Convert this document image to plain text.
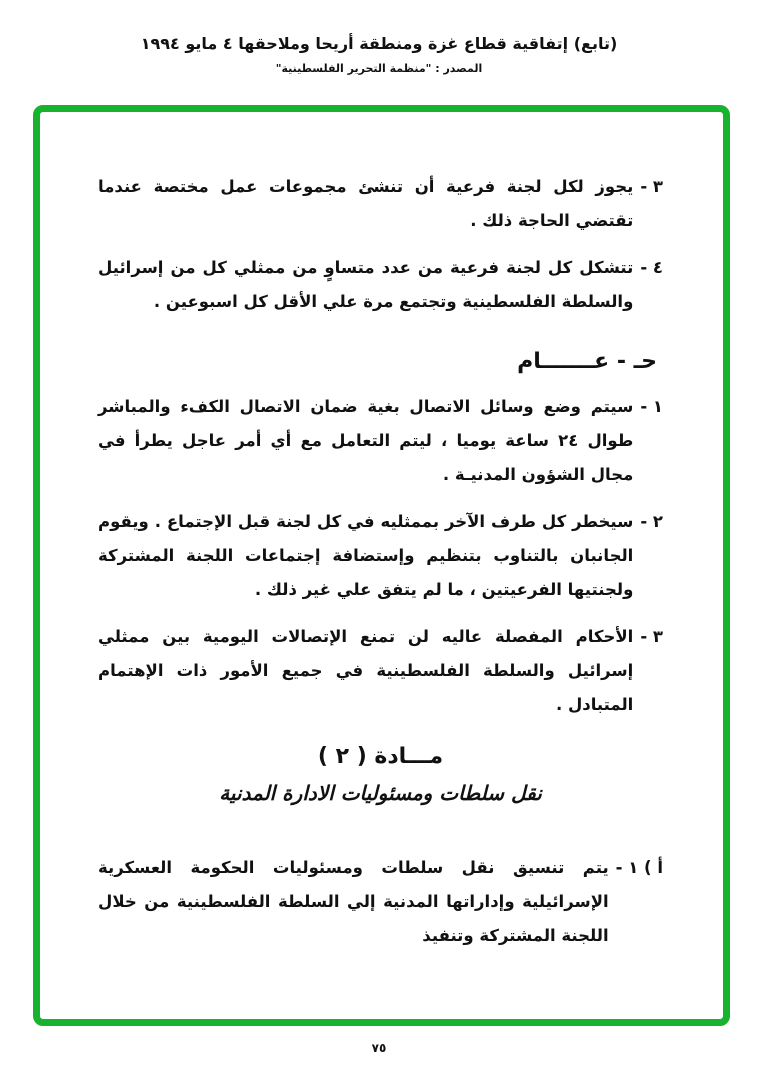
(تابع) إتفاقية قطاع غزة ومنطقة أريحا وملاحقها ٤ مايو ١٩٩٤
المصدر : "منظمة التحرير الفلسطينية"
٣ -
يجوز لكل لجنة فرعية أن تنشئ مجموعات عمل مختصة عندما تقتضي الحاجة ذلك .
٤ -
تتشكل كل لجنة فرعية من عدد متساوٍ من ممثلي كل من إسرائيل والسلطة الفلسطينية وتجتمع مرة علي الأقل كل اسبوعين .
حـ - عـــــــام
١ -
سيتم وضع وسائل الاتصال بغية ضمان الاتصال الكفء والمباشر طوال ٢٤ ساعة يوميا ، ليتم التعامل مع أي أمر عاجل يطرأ في مجال الشؤون المدنيـة .
٢ -
سيخطر كل طرف الآخر بممثليه في كل لجنة قبل الإجتماع . ويقوم الجانبان بالتناوب بتنظيم وإستضافة إجتماعات اللجنة المشتركة ولجنتيها الفرعيتين ، ما لم يتفق علي غير ذلك .
٣ -
الأحكام المفصلة عاليه لن تمنع الإتصالات اليومية بين ممثلي إسرائيل والسلطة الفلسطينية في جميع الأمور ذات الإهتمام المتبادل .
مـــادة ( ٢ )
نقل سلطات ومسئوليات الادارة المدنية
أ ) ١ -
يتم تنسيق نقل سلطات ومسئوليات الحكومة العسكرية الإسرائيلية وإداراتها المدنية إلي السلطة الفلسطينية من خلال اللجنة المشتركة وتنفيذ
٧٥
